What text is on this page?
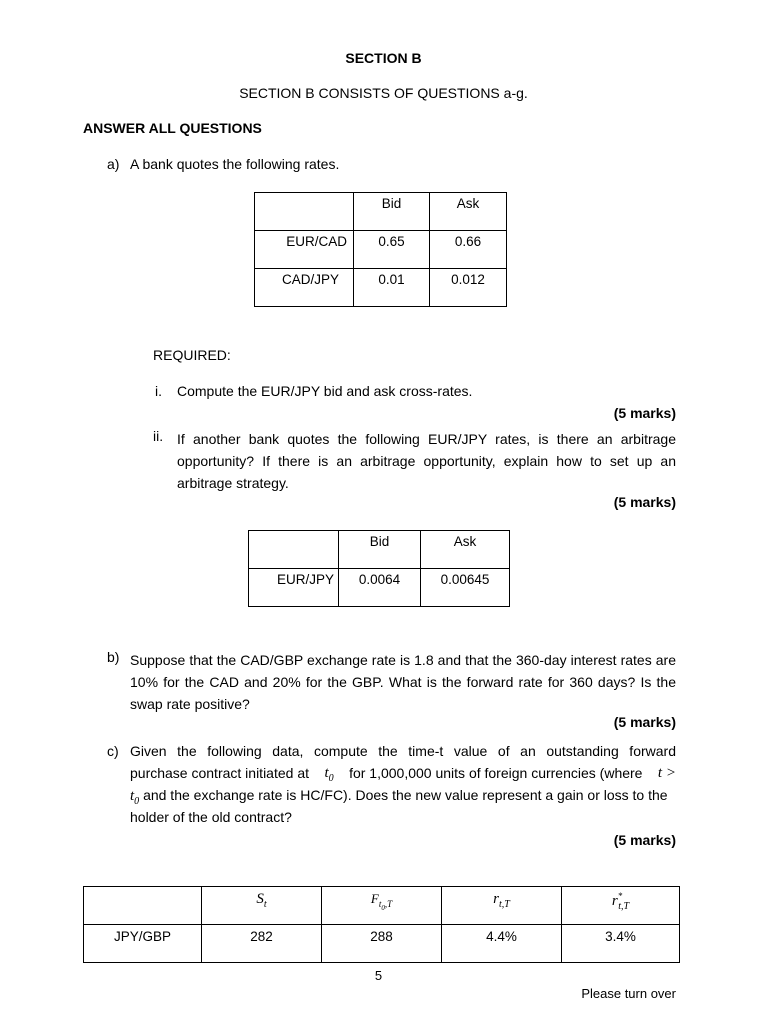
SECTION B
SECTION B CONSISTS OF QUESTIONS a-g.
ANSWER ALL QUESTIONS
a) A bank quotes the following rates.
	Bid	Ask
EUR/CAD	0.65	0.66
CAD/JPY	0.01	0.012
REQUIRED:
i. Compute the EUR/JPY bid and ask cross-rates.
(5 marks)
ii. If another bank quotes the following EUR/JPY rates, is there an arbitrage opportunity? If there is an arbitrage opportunity, explain how to set up an arbitrage strategy.
(5 marks)
	Bid	Ask
EUR/JPY	0.0064	0.00645
b) Suppose that the CAD/GBP exchange rate is 1.8 and that the 360-day interest rates are 10% for the CAD and 20% for the GBP. What is the forward rate for 360 days? Is the swap rate positive?
(5 marks)
c) Given the following data, compute the time-t value of an outstanding forward
purchase contract initiated at $t_0$ for 1,000,000 units of foreign currencies (where t >
$t_0$ and the exchange rate is HC/FC). Does the new value represent a gain or loss to the
holder of the old contract?
(5 marks)
	$S_t$	$F_{t_0,T}$	$r_{t,T}$	$r^*_{t,T}$
JPY/GBP	282	288	4.4%	3.4%
5
Please turn over
